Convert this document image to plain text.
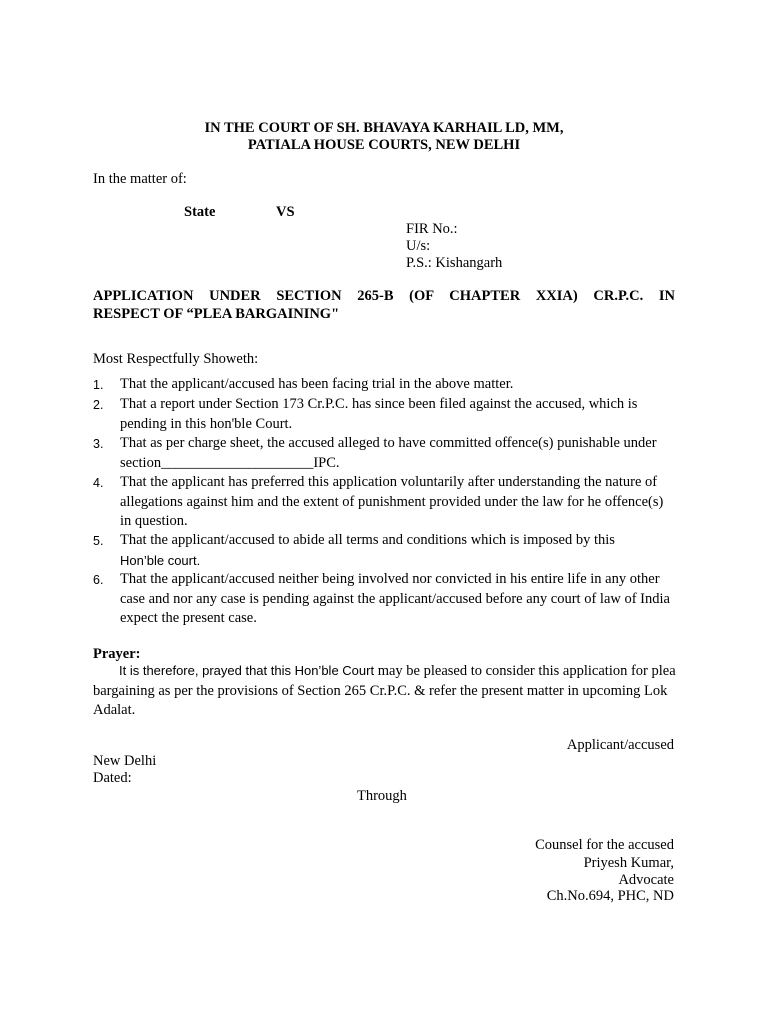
IN THE COURT OF SH. BHAVAYA KARHAIL LD, MM,
PATIALA HOUSE COURTS, NEW DELHI
In the matter of:
State	VS
FIR No.:
U/s:
P.S.: Kishangarh
APPLICATION UNDER SECTION 265-B (OF CHAPTER XXIA) CR.P.C. IN
RESPECT OF “PLEA BARGAINING"
Most Respectfully Showeth:
1.	That the applicant/accused has been facing trial in the above matter.
2.	That a report under Section 173 Cr.P.C. has since been filed against the accused, which is pending in this hon'ble Court.
3.	That as per charge sheet, the accused alleged to have committed offence(s) punishable under section_____________________IPC.
4.	That the applicant has preferred this application voluntarily after understanding the nature of allegations against him and the extent of punishment provided under the law for he offence(s) in question.
5.	That the applicant/accused to abide all terms and conditions which is imposed by this
Hon’ble court.
6.	That the applicant/accused neither being involved nor convicted in his entire life in any other case and nor any case is pending against the applicant/accused before any court of law of India expect the present case.
Prayer:
It is therefore, prayed that this Hon’ble Court may be pleased to consider this application for plea bargaining as per the provisions of Section 265 Cr.P.C. & refer the present matter in upcoming Lok Adalat.
Applicant/accused
New Delhi
Dated:
Through
Counsel for the accused
Priyesh Kumar,
Advocate
Ch.No.694, PHC, ND
